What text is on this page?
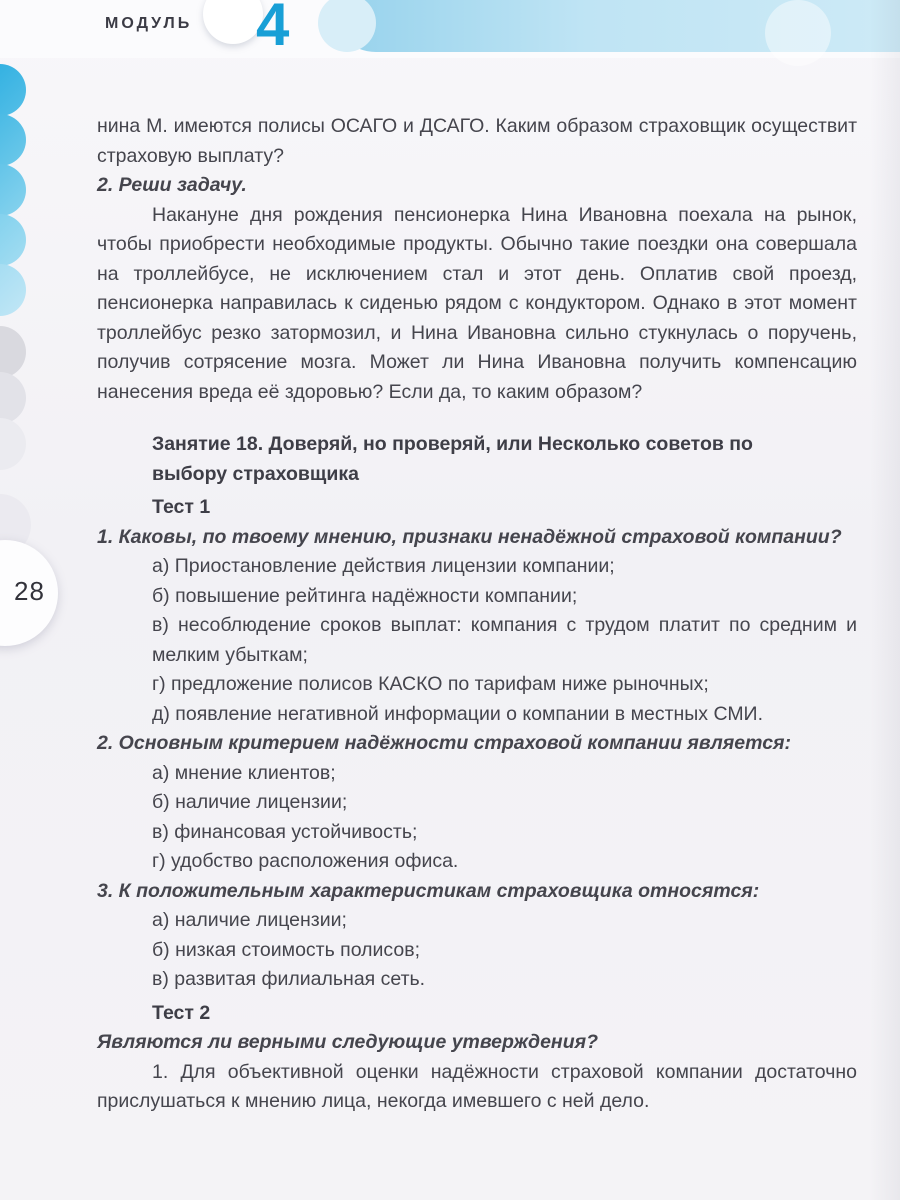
МОДУЛЬ 4
28
нина М. имеются полисы ОСАГО и ДСАГО. Каким образом страховщик осуществит страховую выплату?
2. Реши задачу.
Накануне дня рождения пенсионерка Нина Ивановна поехала на рынок, чтобы приобрести необходимые продукты. Обычно такие поездки она совершала на троллейбусе, не исключением стал и этот день. Оплатив свой проезд, пенсионерка направилась к сиденью рядом с кондуктором. Однако в этот момент троллейбус резко затормозил, и Нина Ивановна сильно стукнулась о поручень, получив сотрясение мозга. Может ли Нина Ивановна получить компенсацию нанесения вреда её здоровью? Если да, то каким образом?
Занятие 18. Доверяй, но проверяй, или Несколько советов по выбору страховщика
Тест 1
1. Каковы, по твоему мнению, признаки ненадёжной страховой компании?
а) Приостановление действия лицензии компании;
б) повышение рейтинга надёжности компании;
в) несоблюдение сроков выплат: компания с трудом платит по средним и мелким убыткам;
г) предложение полисов КАСКО по тарифам ниже рыночных;
д) появление негативной информации о компании в местных СМИ.
2. Основным критерием надёжности страховой компании является:
а) мнение клиентов;
б) наличие лицензии;
в) финансовая устойчивость;
г) удобство расположения офиса.
3. К положительным характеристикам страховщика относятся:
а) наличие лицензии;
б) низкая стоимость полисов;
в) развитая филиальная сеть.
Тест 2
Являются ли верными следующие утверждения?
1. Для объективной оценки надёжности страховой компании достаточно прислушаться к мнению лица, некогда имевшего с ней дело.
